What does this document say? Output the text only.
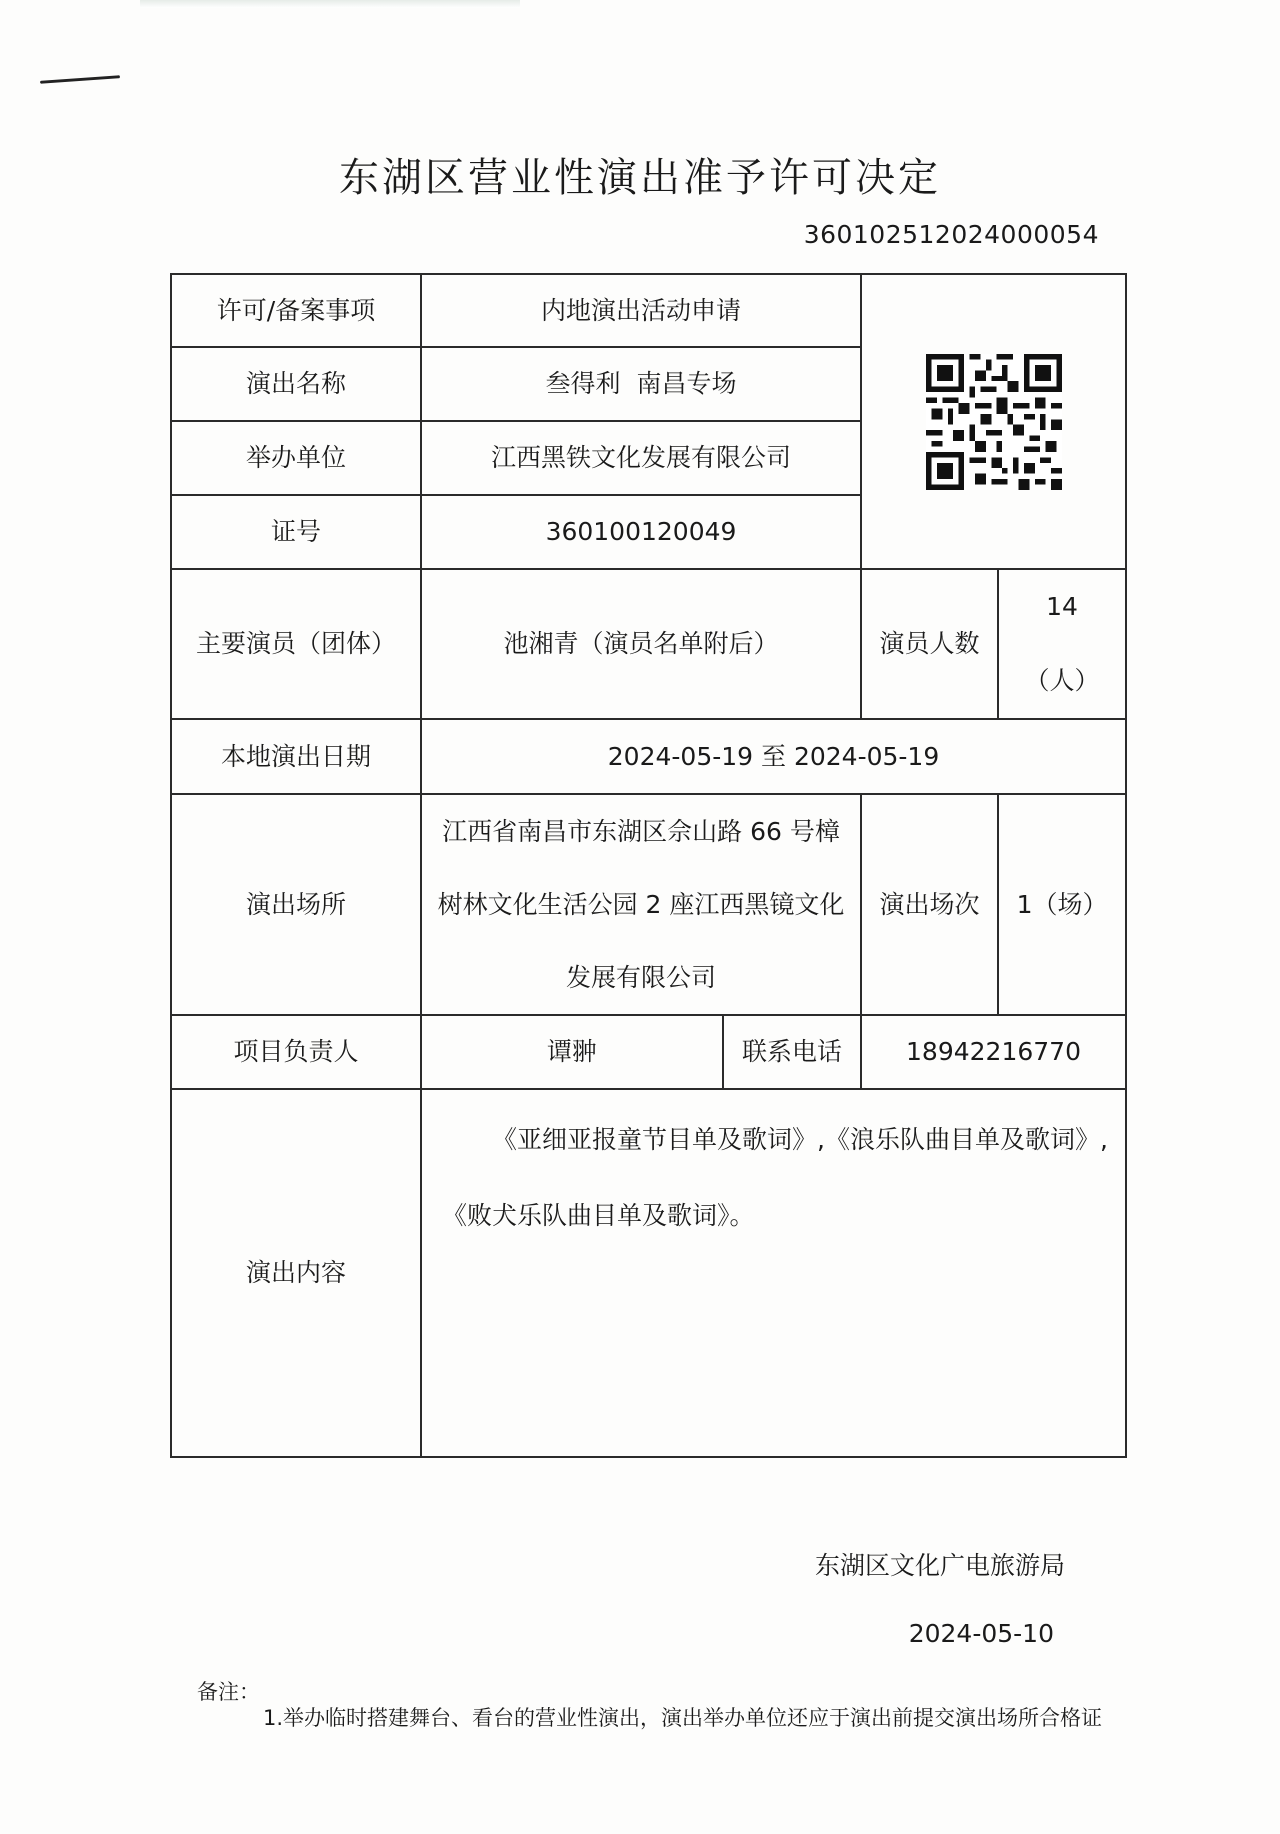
东湖区营业性演出准予许可决定
360102512024000054
许可/备案事项	内地演出活动申请	

演出名称	叁得利  南昌专场			
举办单位	江西黑铁文化发展有限公司			
证号	360100120049			
主要演员（团体）	池湘青（演员名单附后）		演员人数	14
（人）
本地演出日期	2024-05-19 至 2024-05-19			
演出场所	江西省南昌市东湖区佘山路 66 号樟树林文化生活公园 2 座江西黑镜文化发展有限公司		演出场次	1（场）
项目负责人	谭翀	联系电话	18942216770	
演出内容	《亚细亚报童节目单及歌词》,《浪乐队曲目单及歌词》,
《败犬乐队曲目单及歌词》。			
东湖区文化广电旅游局
2024-05-10
备注：
1.举办临时搭建舞台、看台的营业性演出，演出举办单位还应于演出前提交演出场所合格证
